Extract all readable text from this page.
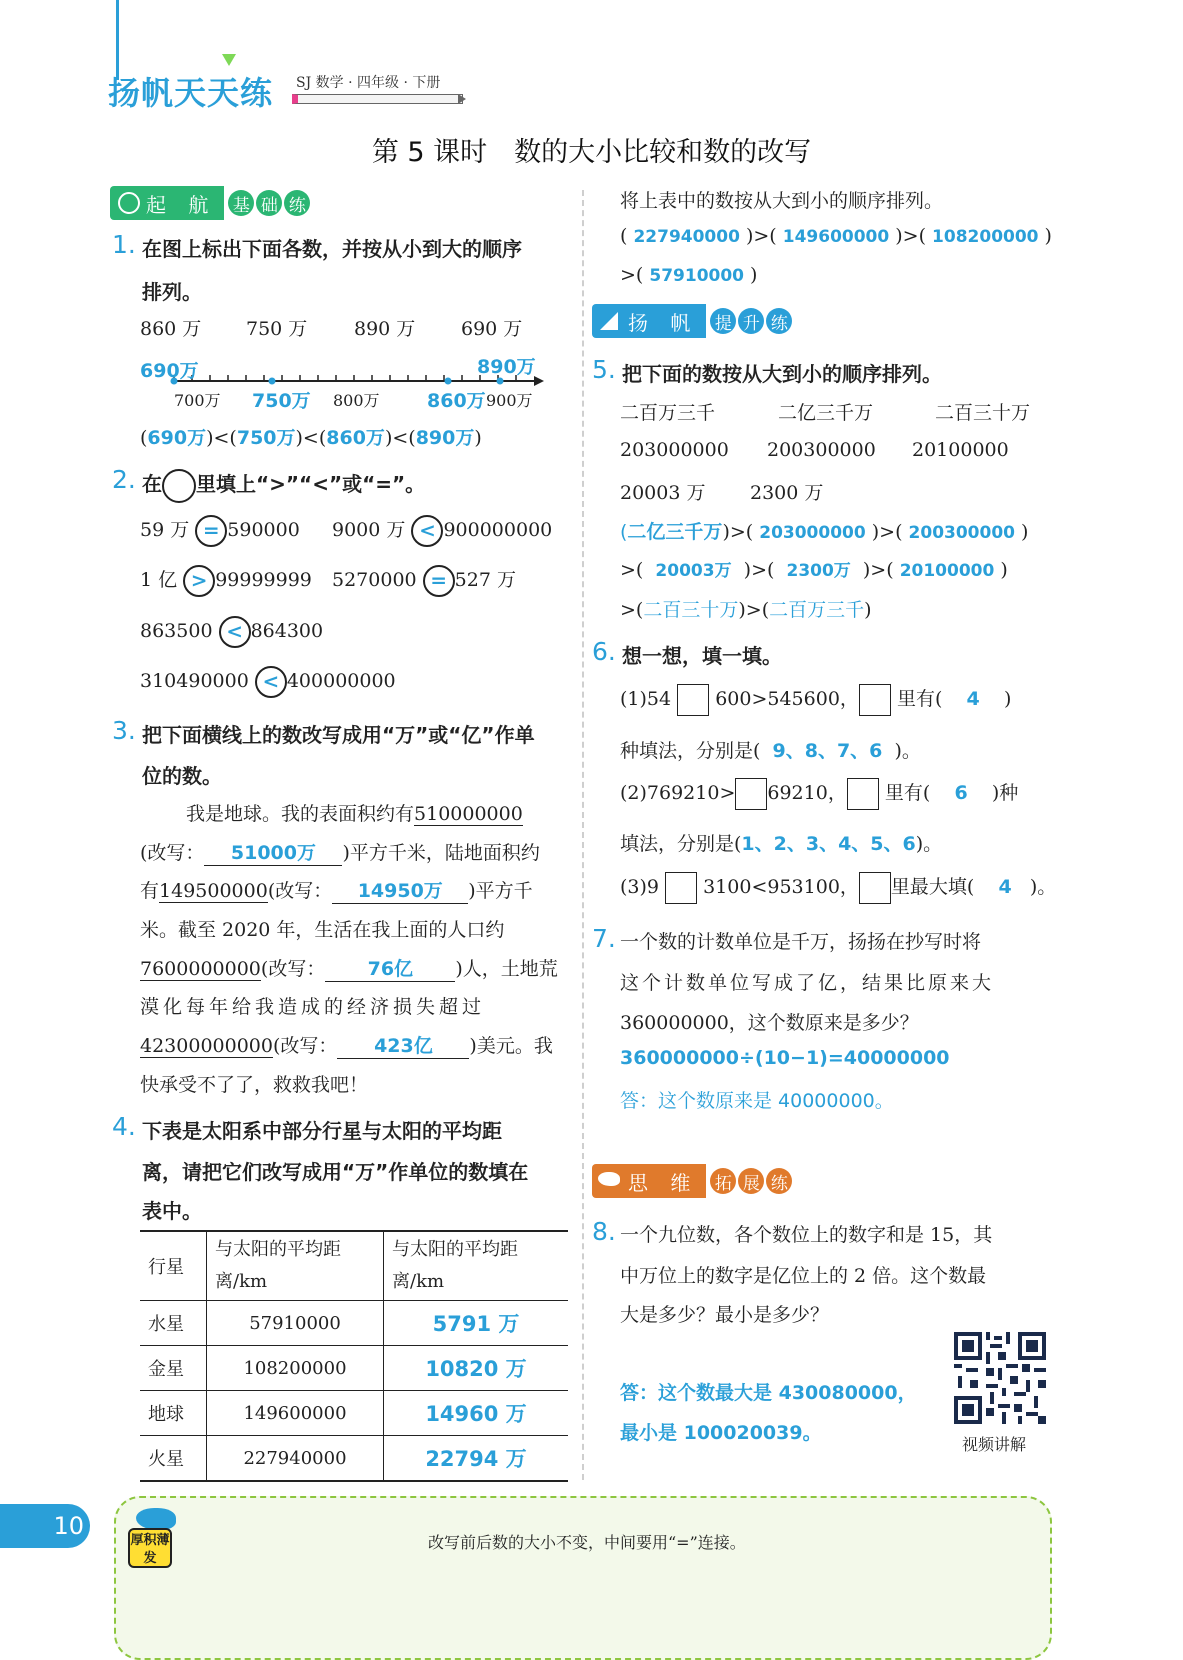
扬帆天天练 SJ 数学 · 四年级 · 下册
第 5 课时　数的大小比较和数的改写
起 航 基 础 练
1. 在图上标出下面各数，并按从小到大的顺序
排列。
860 万 750 万 890 万 690 万
690万	890万
700万 750万 800万 860万 900万
(690万)<(750万)<(860万)<(890万)
2. 在 里填上“>”“<”或“=”。
59 万 = 590000 9000 万 < 900000000
1 亿 > 99999999 5270000 = 527 万
863500 < 864300
310490000 < 400000000
3. 把下面横线上的数改写成用“万”或“亿”作单
位的数。
我是地球。我的表面积约有510000000
(改写： 51000万 )平方千米，陆地面积约
有149500000(改写： 14950万 )平方千
米。截至 2020 年，生活在我上面的人口约
7600000000(改写： 76亿 )人，土地荒
漠化每年给我造成的经济损失超过
42300000000(改写： 423亿 )美元。我
快承受不了了，救救我吧！
4. 下表是太阳系中部分行星与太阳的平均距
离，请把它们改写成用“万”作单位的数填在
表中。
行星	与太阳的平均距离/km	与太阳的平均距离/km
水星	57910000	5791 万
金星	108200000	10820 万
地球	149600000	14960 万
火星	227940000	22794 万
将上表中的数按从大到小的顺序排列。
( 227940000 )>( 149600000 )>( 108200000 )
>( 57910000 )
扬 帆 提 升 练
5. 把下面的数按从大到小的顺序排列。
二百万三千	二亿三千万	二百三十万
203000000 200300000 20100000
20003 万 2300 万
(二亿三千万)>( 203000000 )>( 200300000 )
>(  20003万  )>(  2300万  )>( 20100000 )
>(二百三十万)>(二百万三千)
6. 想一想，填一填。
(1)54 600>545600， 里有( 4 )
种填法，分别是( 9、8、7、6 )。
(2)769210> 69210， 里有( 6 )种
填法，分别是(1、2、3、4、5、6)。
(3)9 3100<953100， 里最大填( 4 )。
7. 一个数的计数单位是千万，扬扬在抄写时将
这个计数单位写成了亿，结果比原来大
360000000，这个数原来是多少？
360000000÷(10−1)=40000000
答：这个数原来是 40000000。
思 维 拓 展 练
8. 一个九位数，各个数位上的数字和是 15，其
中万位上的数字是亿位上的 2 倍。这个数最
大是多少？最小是多少？
答：这个数最大是 430080000，
最小是 100020039。
视频讲解
10
厚积薄发
改写前后数的大小不变，中间要用“=”连接。
